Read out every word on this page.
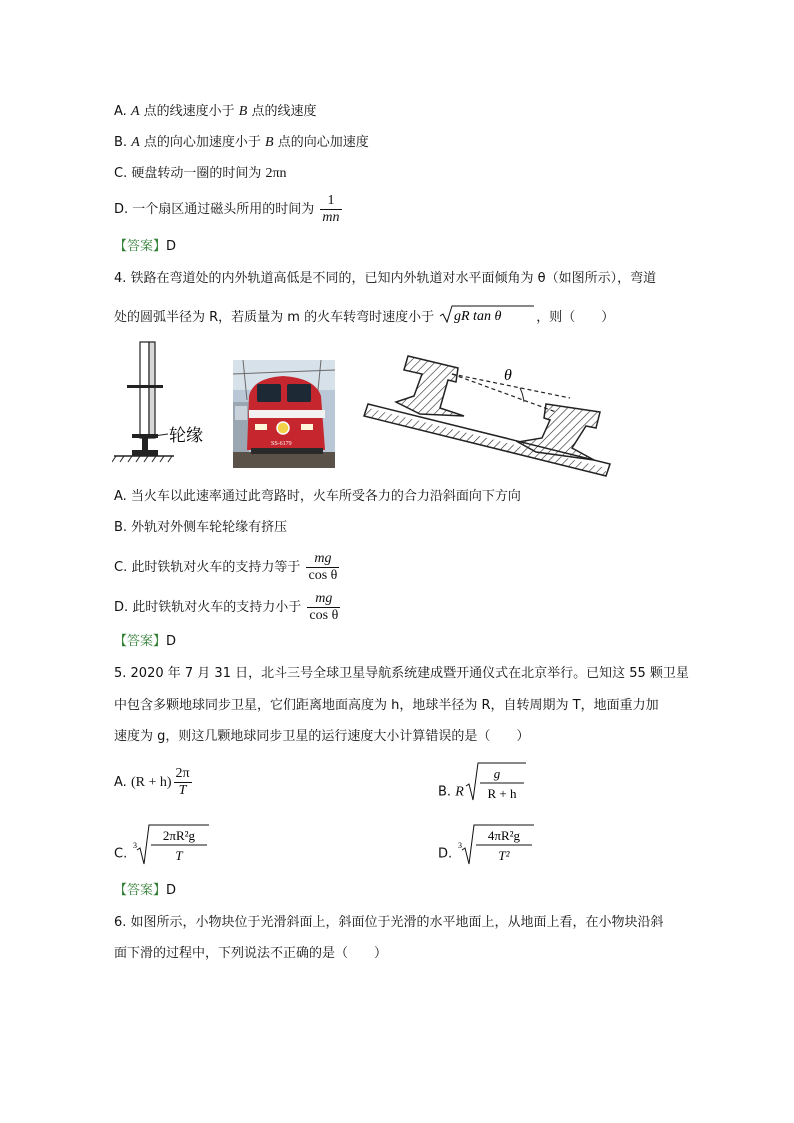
A. A 点的线速度小于 B 点的线速度
B. A 点的向心加速度小于 B 点的向心加速度
C. 硬盘转动一圈的时间为 2πn
D. 一个扇区通过磁头所用的时间为 $\frac{1}{mn}$
【答案】D
4. 铁路在弯道处的内外轨道高低是不同的，已知内外轨道对水平面倾角为 θ（如图所示），弯道
处的圆弧半径为 R，若质量为 m 的火车转弯时速度小于 gR tan θ	，则（　　）
轮缘	SS-6179
θ
A. 当火车以此速率通过此弯路时，火车所受各力的合力沿斜面向下方向
B. 外轨对外侧车轮轮缘有挤压
C. 此时铁轨对火车的支持力等于 $\frac{mg}{\text{cos θ}}$
D. 此时铁轨对火车的支持力小于 $\frac{mg}{\text{cos θ}}$
【答案】D
5. 2020 年 7 月 31 日，北斗三号全球卫星导航系统建成暨开通仪式在北京举行。已知这 55 颗卫星
中包含多颗地球同步卫星，它们距离地面高度为 h，地球半径为 R，自转周期为 T，地面重力加
速度为 g，则这几颗地球同步卫星的运行速度大小计算错误的是（　　）
A. $(R + h) \frac{2\pi}{T}$	B. R
g
R + h
C.
3
2πR²g
T	D.
3
4πR²g
T²
【答案】D
6. 如图所示，小物块位于光滑斜面上，斜面位于光滑的水平地面上，从地面上看，在小物块沿斜
面下滑的过程中，下列说法不正确的是（　　）
